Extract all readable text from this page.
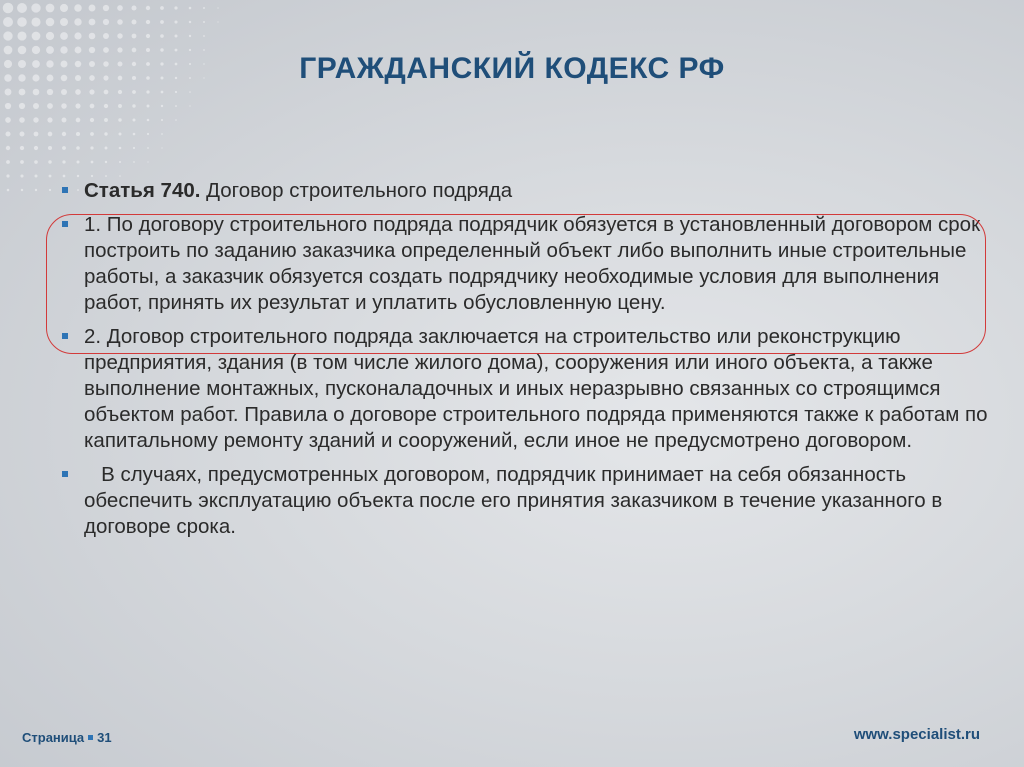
ГРАЖДАНСКИЙ КОДЕКС РФ
Статья 740. Договор строительного подряда
1. По договору строительного подряда подрядчик обязуется в установленный договором срок построить по заданию заказчика определенный объект либо выполнить иные строительные работы, а заказчик обязуется создать подрядчику необходимые условия для выполнения работ, принять их результат и уплатить обусловленную цену.
2. Договор строительного подряда заключается на строительство или реконструкцию предприятия, здания (в том числе жилого дома), сооружения или иного объекта, а также выполнение монтажных, пусконаладочных и иных неразрывно связанных со строящимся объектом работ. Правила о договоре строительного подряда применяются также к работам по капитальному ремонту зданий и сооружений, если иное не предусмотрено договором.
В случаях, предусмотренных договором, подрядчик принимает на себя обязанность обеспечить эксплуатацию объекта после его принятия заказчиком в течение указанного в договоре срока.
Страница 31	www.specialist.ru
